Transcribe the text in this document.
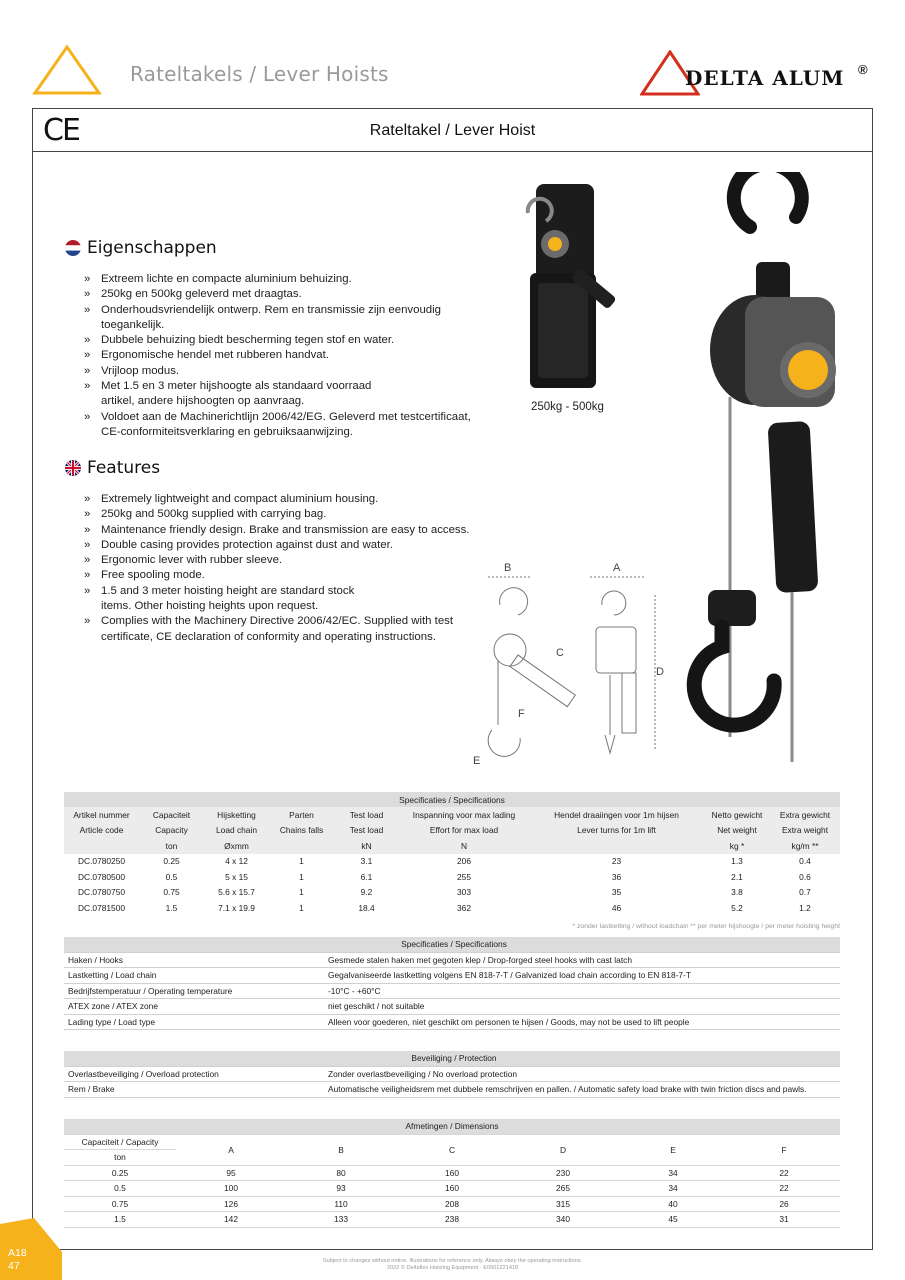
Rateltakels / Lever Hoists	DELTA ALUM ®
CE	Rateltakel / Lever Hoist
Eigenschappen
» Extreem lichte en compacte aluminium behuizing.
» 250kg en 500kg geleverd met draagtas.
» Onderhoudsvriendelijk ontwerp. Rem en transmissie zijn eenvoudig toegankelijk.
» Dubbele behuizing biedt bescherming tegen stof en water.
» Ergonomische hendel met rubberen handvat.
» Vrijloop modus.
» Met 1.5 en 3 meter hijshoogte als standaard voorraad artikel, andere hijshoogten op aanvraag.
» Voldoet aan de Machinerichtlijn 2006/42/EG. Geleverd met testcertificaat, CE-conformiteitsverklaring en gebruiksaanwijzing.
Features
» Extremely lightweight and compact aluminium housing.
» 250kg and 500kg supplied with carrying bag.
» Maintenance friendly design. Brake and transmission are easy to access.
» Double casing provides protection against dust and water.
» Ergonomic lever with rubber sleeve.
» Free spooling mode.
» 1.5 and 3 meter hoisting height are standard stock items. Other hoisting heights upon request.
» Complies with the Machinery Directive 2006/42/EC. Supplied with test certificate, CE declaration of conformity and operating instructions.
250kg - 500kg
B	A
C
D
F
E
Specificaties / Specifications								
Artikel nummer	Capaciteit	Hijsketting	Parten	Test load	Inspanning voor max lading	Hendel draaiingen voor 1m hijsen	Netto gewicht	Extra gewicht
Article code	Capacity	Load chain	Chains falls	Test load	Effort for max load	Lever turns for 1m lift	Net weight	Extra weight
	ton	Øxmm		kN	N		kg *	kg/m **
DC.0780250	0.25	4 x 12	1	3.1	206	23	1.3	0.4
DC.0780500	0.5	5 x 15	1	6.1	255	36	2.1	0.6
DC.0780750	0.75	5.6 x 15.7	1	9.2	303	35	3.8	0.7
DC.0781500	1.5	7.1 x 19.9	1	18.4	362	46	5.2	1.2
* zonder lastketting / without loadchain ** per meter hijshoogte / per meter hoisting height
Specificaties / Specifications	
Haken / Hooks	Gesmede stalen haken met gegoten klep / Drop-forged steel hooks with cast latch
Lastketting / Load chain	Gegalvaniseerde lastketting volgens EN 818-7-T / Galvanized load chain according to EN 818-7-T
Bedrijfstemperatuur / Operating temperature	-10°C - +60°C
ATEX zone / ATEX zone	niet geschikt / not suitable
Lading type / Load type	Alleen voor goederen, niet geschikt om personen te hijsen / Goods, may not be used to lift people
Beveiliging / Protection	
Overlastbeveiliging / Overload protection	Zonder overlastbeveiliging / No overload protection
Rem / Brake	Automatische veiligheidsrem met dubbele remschrijven en pallen. / Automatic safety load brake with twin friction discs and pawls.
Afmetingen / Dimensions						
Capaciteit / Capacity	A	B	C	D	E	F
ton						
0.25	95	80	160	230	34	22
0.5	100	93	160	265	34	22
0.75	126	110	208	315	40	26
1.5	142	133	238	340	45	31
A18
47	Subject to changes without notice. Illustrations for reference only. Always obey the operating instructions.
2022 © Deltaflex Hoisting Equipment · E0501221418
